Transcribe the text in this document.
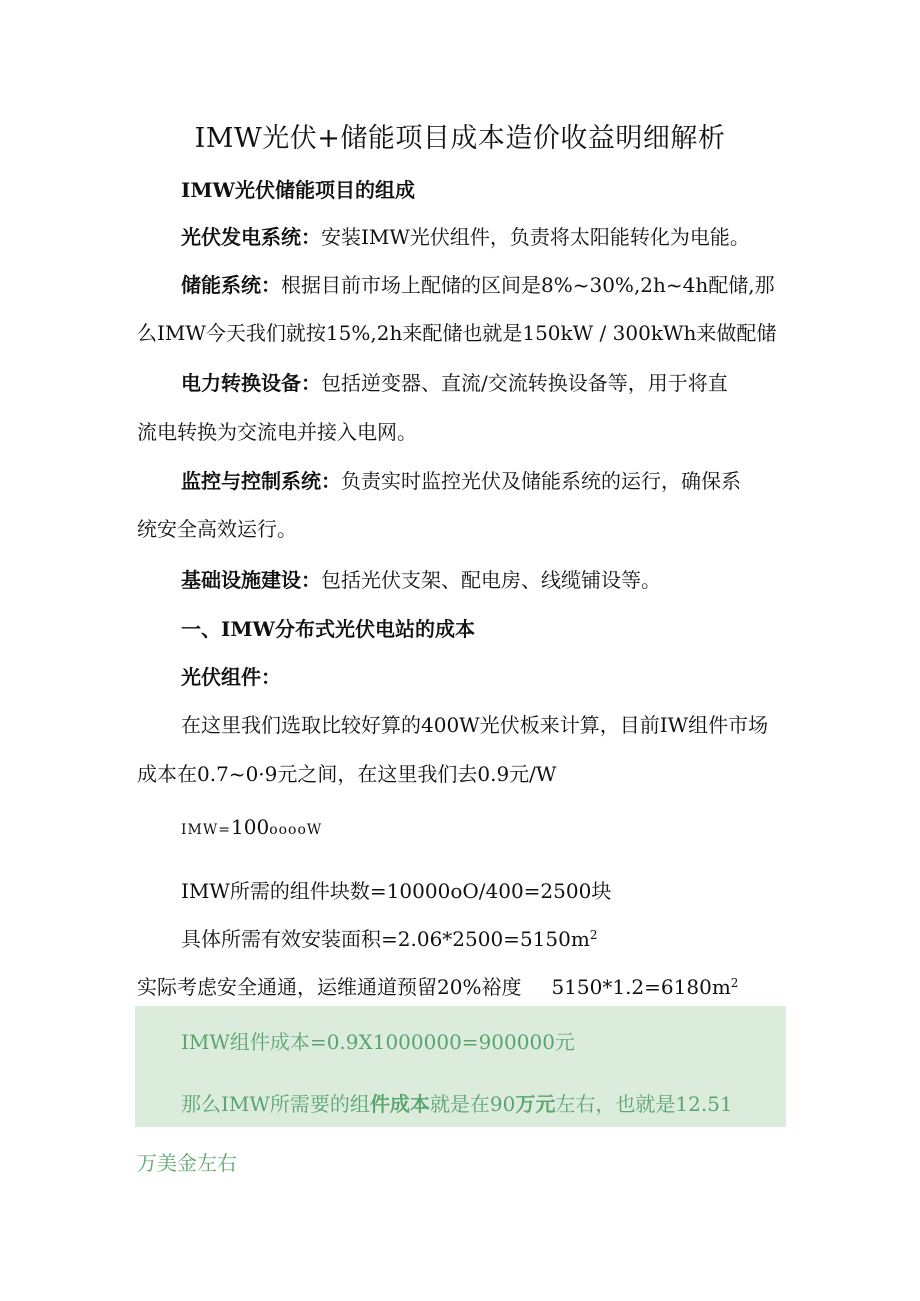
IMW光伏+储能项目成本造价收益明细解析
IMW光伏储能项目的组成
光伏发电系统：安装IMW光伏组件，负责将太阳能转化为电能。
储能系统：根据目前市场上配储的区间是8%~30%,2h~4h配储,那
么IMW今天我们就按15%,2h来配储也就是150kW / 300kWh来做配储
电力转换设备：包括逆变器、直流/交流转换设备等，用于将直
流电转换为交流电并接入电网。
监控与控制系统：负责实时监控光伏及储能系统的运行，确保系
统安全高效运行。
基础设施建设：包括光伏支架、配电房、线缆铺设等。
一、IMW分布式光伏电站的成本
光伏组件：
在这里我们选取比较好算的400W光伏板来计算，目前IW组件市场
成本在0.7~0·9元之间，在这里我们去0.9元/W
IMW=100ooooW
IMW所需的组件块数=10000oO/400=2500块
具体所需有效安装面积$=2.06*2500=5150m^2$
实际考虑安全通通，运维通道预留20%裕度 $5150*1.2=6180m^2$
IMW组件成本=0.9X1000000=900000元
那么IMW所需要的组件成本就是在90万元左右，也就是12.51
万美金左右
